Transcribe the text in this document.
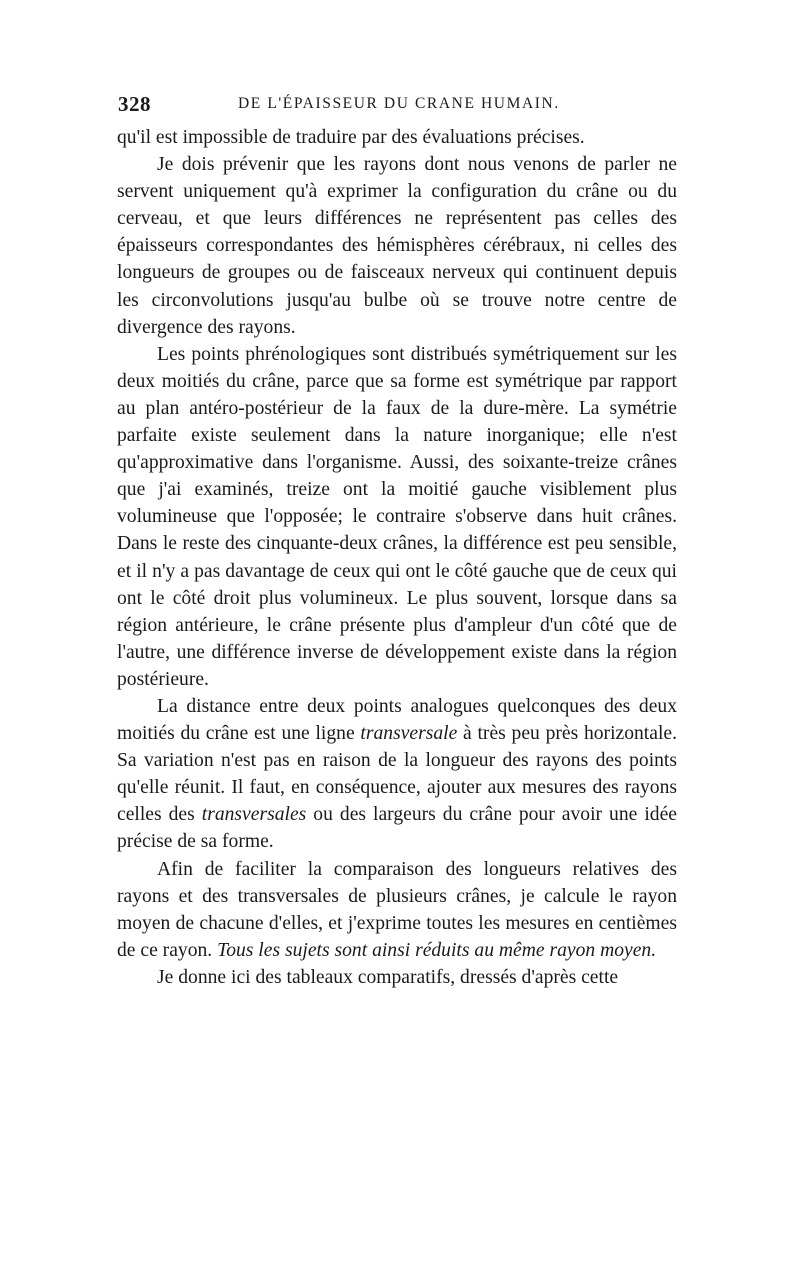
328	DE L'ÉPAISSEUR DU CRANE HUMAIN.

qu'il est impossible de traduire par des évaluations précises.

Je dois prévenir que les rayons dont nous venons de parler ne servent uniquement qu'à exprimer la configuration du crâne ou du cerveau, et que leurs différences ne représentent pas celles des épaisseurs correspondantes des hémisphères cérébraux, ni celles des longueurs de groupes ou de faisceaux nerveux qui continuent depuis les circonvolutions jusqu'au bulbe où se trouve notre centre de divergence des rayons.

Les points phrénologiques sont distribués symétriquement sur les deux moitiés du crâne, parce que sa forme est symétrique par rapport au plan antéro-postérieur de la faux de la dure-mère. La symétrie parfaite existe seulement dans la nature inorganique; elle n'est qu'approximative dans l'organisme. Aussi, des soixante-treize crânes que j'ai examinés, treize ont la moitié gauche visiblement plus volumineuse que l'opposée; le contraire s'observe dans huit crânes. Dans le reste des cinquante-deux crânes, la différence est peu sensible, et il n'y a pas davantage de ceux qui ont le côté gauche que de ceux qui ont le côté droit plus volumineux. Le plus souvent, lorsque dans sa région antérieure, le crâne présente plus d'ampleur d'un côté que de l'autre, une différence inverse de développement existe dans la région postérieure.

La distance entre deux points analogues quelconques des deux moitiés du crâne est une ligne transversale à très peu près horizontale. Sa variation n'est pas en raison de la longueur des rayons des points qu'elle réunit. Il faut, en conséquence, ajouter aux mesures des rayons celles des transversales ou des largeurs du crâne pour avoir une idée précise de sa forme.

Afin de faciliter la comparaison des longueurs relatives des rayons et des transversales de plusieurs crânes, je calcule le rayon moyen de chacune d'elles, et j'exprime toutes les mesures en centièmes de ce rayon. Tous les sujets sont ainsi réduits au même rayon moyen.

Je donne ici des tableaux comparatifs, dressés d'après cette
